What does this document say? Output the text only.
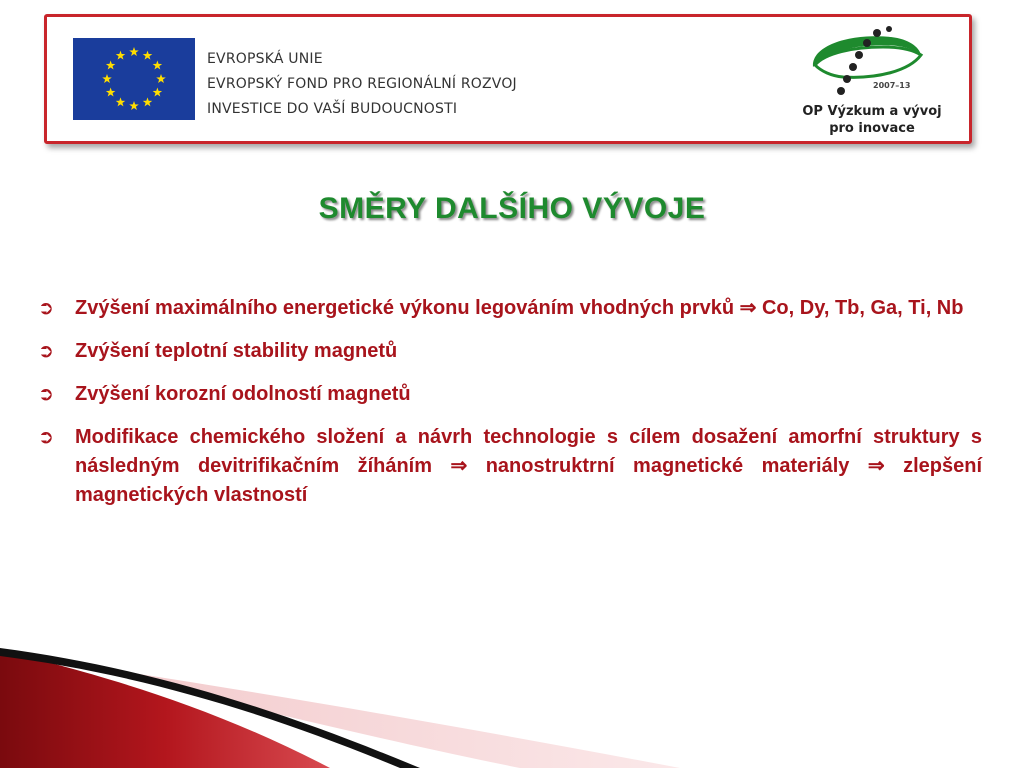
EVROPSKÁ UNIE
EVROPSKÝ FOND PRO REGIONÁLNÍ ROZVOJ
INVESTICE DO VAŠÍ BUDOUCNOSTI
2007–13
OP Výzkum a vývoj
pro inovace
SMĚRY DALŠÍHO VÝVOJE
➲ Zvýšení maximálního energetické výkonu legováním vhodných prvků ⇒ Co, Dy, Tb, Ga, Ti, Nb
➲ Zvýšení teplotní stability magnetů
➲ Zvýšení korozní odolností magnetů
➲ Modifikace chemického složení a návrh technologie s cílem dosažení amorfní struktury s následným devitrifikačním žíháním ⇒ nanostruktrní magnetické materiály ⇒ zlepšení magnetických vlastností
